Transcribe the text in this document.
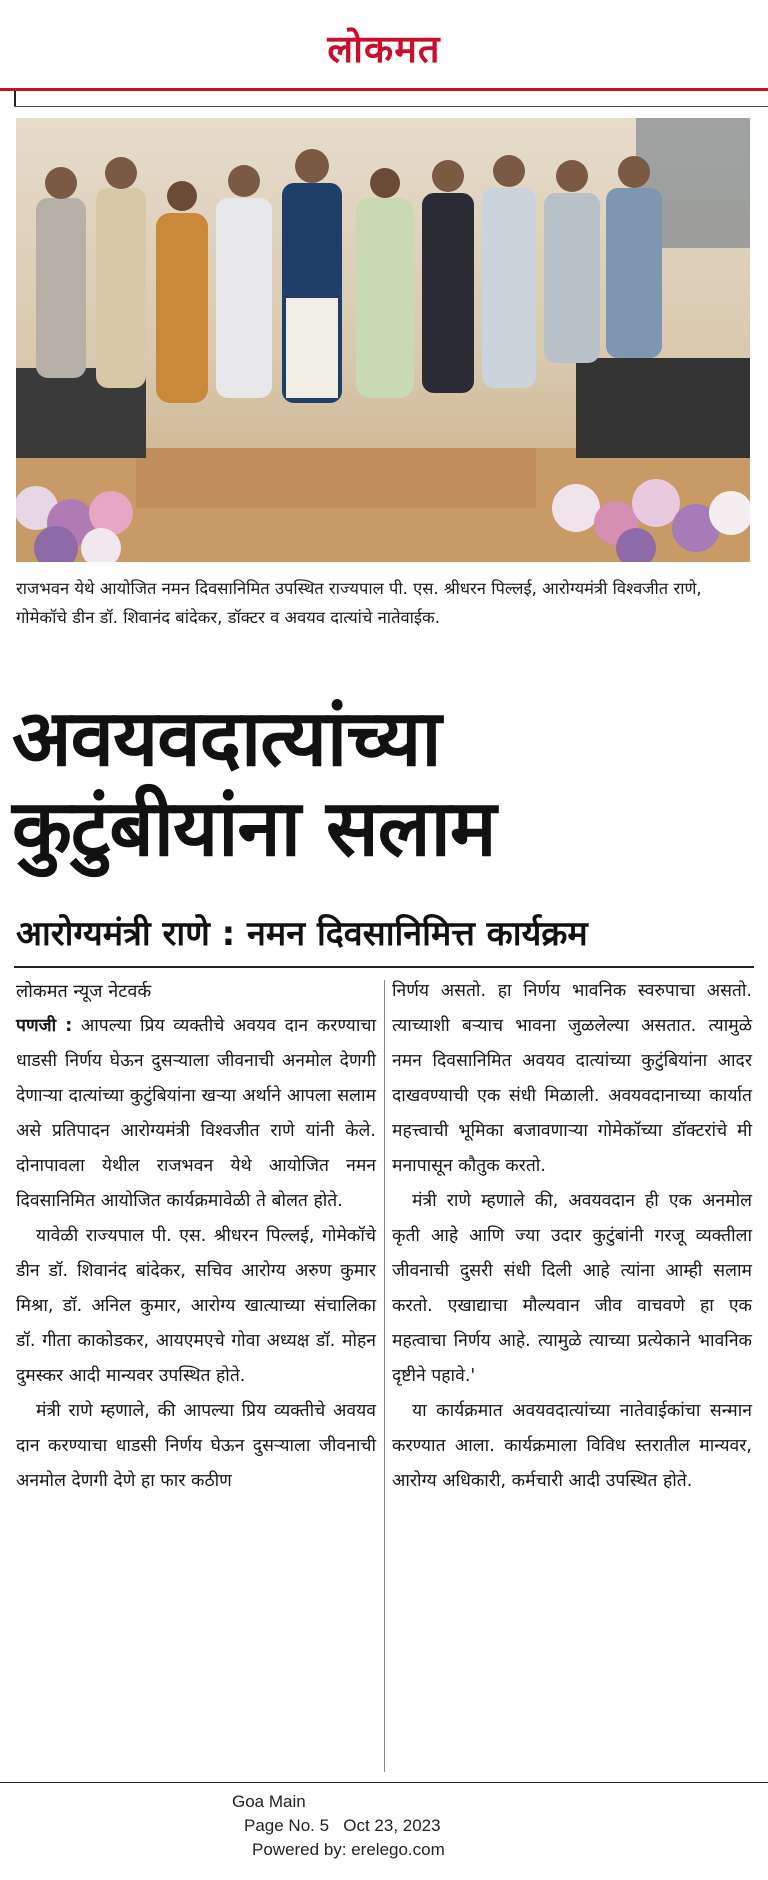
लोकमत
राजभवन येथे आयोजित नमन दिवसानिमित उपस्थित राज्यपाल पी. एस. श्रीधरन पिल्लई, आरोग्यमंत्री विश्वजीत राणे, गोमेकॉचे डीन डॉ. शिवानंद बांदेकर, डॉक्टर व अवयव दात्यांचे नातेवाईक.
अवयवदात्यांच्या
कुटुंबीयांना सलाम
आरोग्यमंत्री राणे : नमन दिवसानिमित्त कार्यक्रम

लोकमत न्यूज नेटवर्क

पणजी : आपल्या प्रिय व्यक्तीचे अवयव दान करण्याचा धाडसी निर्णय घेऊन दुसऱ्याला जीवनाची अनमोल देणगी देणाऱ्या दात्यांच्या कुटुंबियांना खऱ्या अर्थाने आपला सलाम असे प्रतिपादन आरोग्यमंत्री विश्वजीत राणे यांनी केले. दोनापावला येथील राजभवन येथे आयोजित नमन दिवसानिमित आयोजित कार्यक्रमावेळी ते बोलत होते.

यावेळी राज्यपाल पी. एस. श्रीधरन पिल्लई, गोमेकॉचे डीन डॉ. शिवानंद बांदेकर, सचिव आरोग्य अरुण कुमार मिश्रा, डॉ. अनिल कुमार, आरोग्य खात्याच्या संचालिका डॉ. गीता काकोडकर, आयएमएचे गोवा अध्यक्ष डॉ. मोहन दुमस्कर आदी मान्यवर उपस्थित होते.

मंत्री राणे म्हणाले, की आपल्या प्रिय व्यक्तीचे अवयव दान करण्याचा धाडसी निर्णय घेऊन दुसऱ्याला जीवनाची अनमोल देणगी देणे हा फार कठीण

निर्णय असतो. हा निर्णय भावनिक स्वरुपाचा असतो. त्याच्याशी बऱ्याच भावना जुळलेल्या असतात. त्यामुळे नमन दिवसानिमित अवयव दात्यांच्या कुटुंबियांना आदर दाखवण्याची एक संधी मिळाली. अवयवदानाच्या कार्यात महत्त्वाची भूमिका बजावणाऱ्या गोमेकॉच्या डॉक्टरांचे मी मनापासून कौतुक करतो.

मंत्री राणे म्हणाले की, अवयवदान ही एक अनमोल कृती आहे आणि ज्या उदार कुटुंबांनी गरजू व्यक्तीला जीवनाची दुसरी संधी दिली आहे त्यांना आम्ही सलाम करतो. एखाद्याचा मौल्यवान जीव वाचवणे हा एक महत्वाचा निर्णय आहे. त्यामुळे त्याच्या प्रत्येकाने भावनिक दृष्टीने पहावे.'

या कार्यक्रमात अवयवदात्यांच्या नातेवाईकांचा सन्मान करण्यात आला. कार्यक्रमाला विविध स्तरातील मान्यवर, आरोग्य अधिकारी, कर्मचारी आदी उपस्थित होते.

Goa Main
Page No. 5 Oct 23, 2023
Powered by: erelego.com
